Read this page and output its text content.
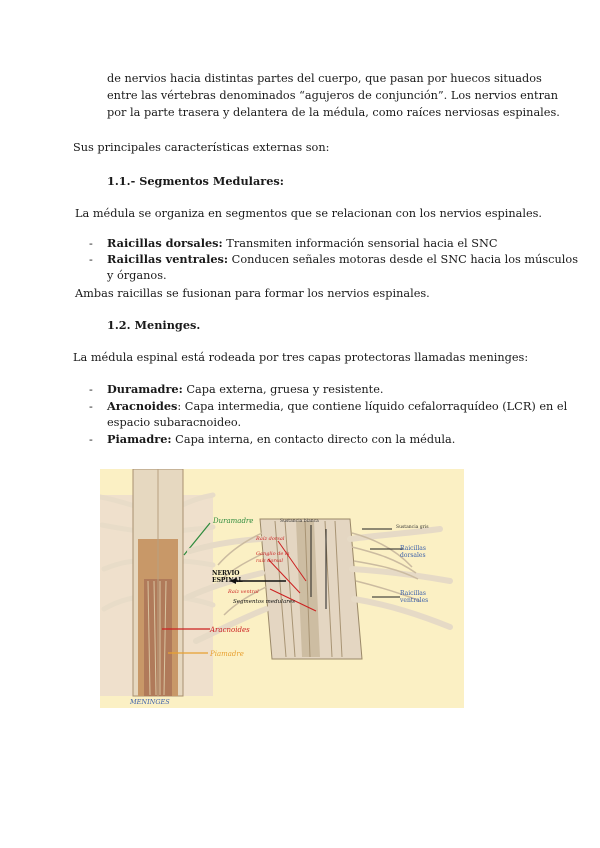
de nervios hacia distintas partes del cuerpo, que pasan por huecos situados

entre las vértebras denominados “agujeros de conjunción”. Los nervios entran

por la parte trasera y delantera de la médula, como raíces nerviosas espinales.

Sus principales características externas son:

1.1.- Segmentos Medulares:

La médula se organiza en segmentos que se relacionan con los nervios espinales.

- Raicillas dorsales: Transmiten información sensorial hacia el SNC

- Raicillas ventrales: Conducen señales motoras desde el SNC hacia los músculos

y órganos.

Ambas raicillas se fusionan para formar los nervios espinales.

1.2. Meninges.

La médula espinal está rodeada por tres capas protectoras llamadas meninges:

- Duramadre: Capa externa, gruesa y resistente.

- Aracnoides: Capa intermedia, que contiene líquido cefalorraquídeo (LCR) en el

espacio subaracnoideo.

- Piamadre: Capa interna, en contacto directo con la médula.

Duramadre
Aracnoides
Piamadre
MENINGES
Sustancia blanca
Sustancia gris
Raíz dorsal
Ganglio de la raíz dorsal
NERVIO
ESPINAL
Raíz ventral
Segmentos medulares
Raicillas dorsales
Raicillas ventrales
